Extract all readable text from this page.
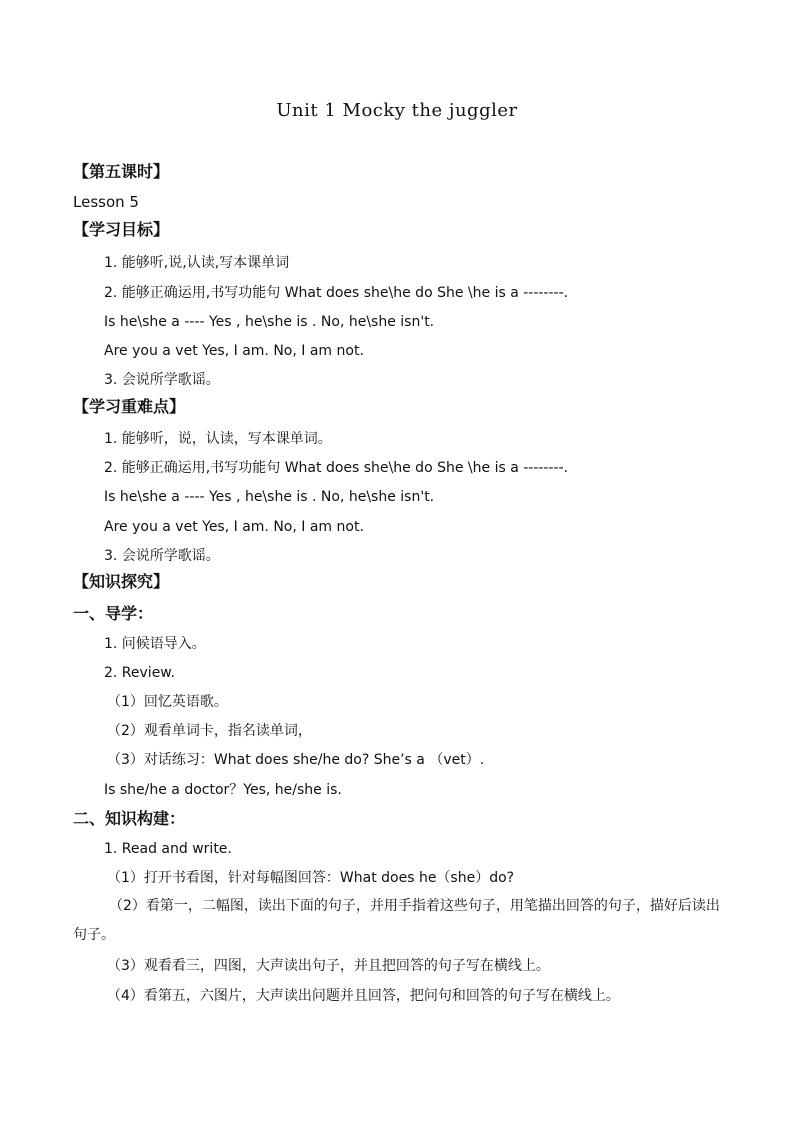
Unit 1 Mocky the juggler
【第五课时】
Lesson 5
【学习目标】
1. 能够听,说,认读,写本课单词
2. 能够正确运用,书写功能句 What does she\he do She \he is a --------.
Is he\she a ---- Yes , he\she is . No, he\she isn't.
Are you a vet Yes, I am. No, I am not.
3. 会说所学歌谣。
【学习重难点】
1. 能够听，说，认读，写本课单词。
2. 能够正确运用,书写功能句 What does she\he do She \he is a --------.
Is he\she a ---- Yes , he\she is . No, he\she isn't.
Are you a vet Yes, I am. No, I am not.
3. 会说所学歌谣。
【知识探究】
一、导学：
1. 问候语导入。
2. Review.
（1）回忆英语歌。
（2）观看单词卡，指名读单词，
（3）对话练习：What does she/he do? She’s a （vet）.
Is she/he a doctor？Yes, he/she is.
二、知识构建：
1. Read and write.
（1）打开书看图，针对每幅图回答：What does he（she）do?
（2）看第一，二幅图，读出下面的句子，并用手指着这些句子，用笔描出回答的句子，描好后读出句子。
（3）观看看三，四图，大声读出句子，并且把回答的句子写在横线上。
（4）看第五，六图片，大声读出问题并且回答，把问句和回答的句子写在横线上。
